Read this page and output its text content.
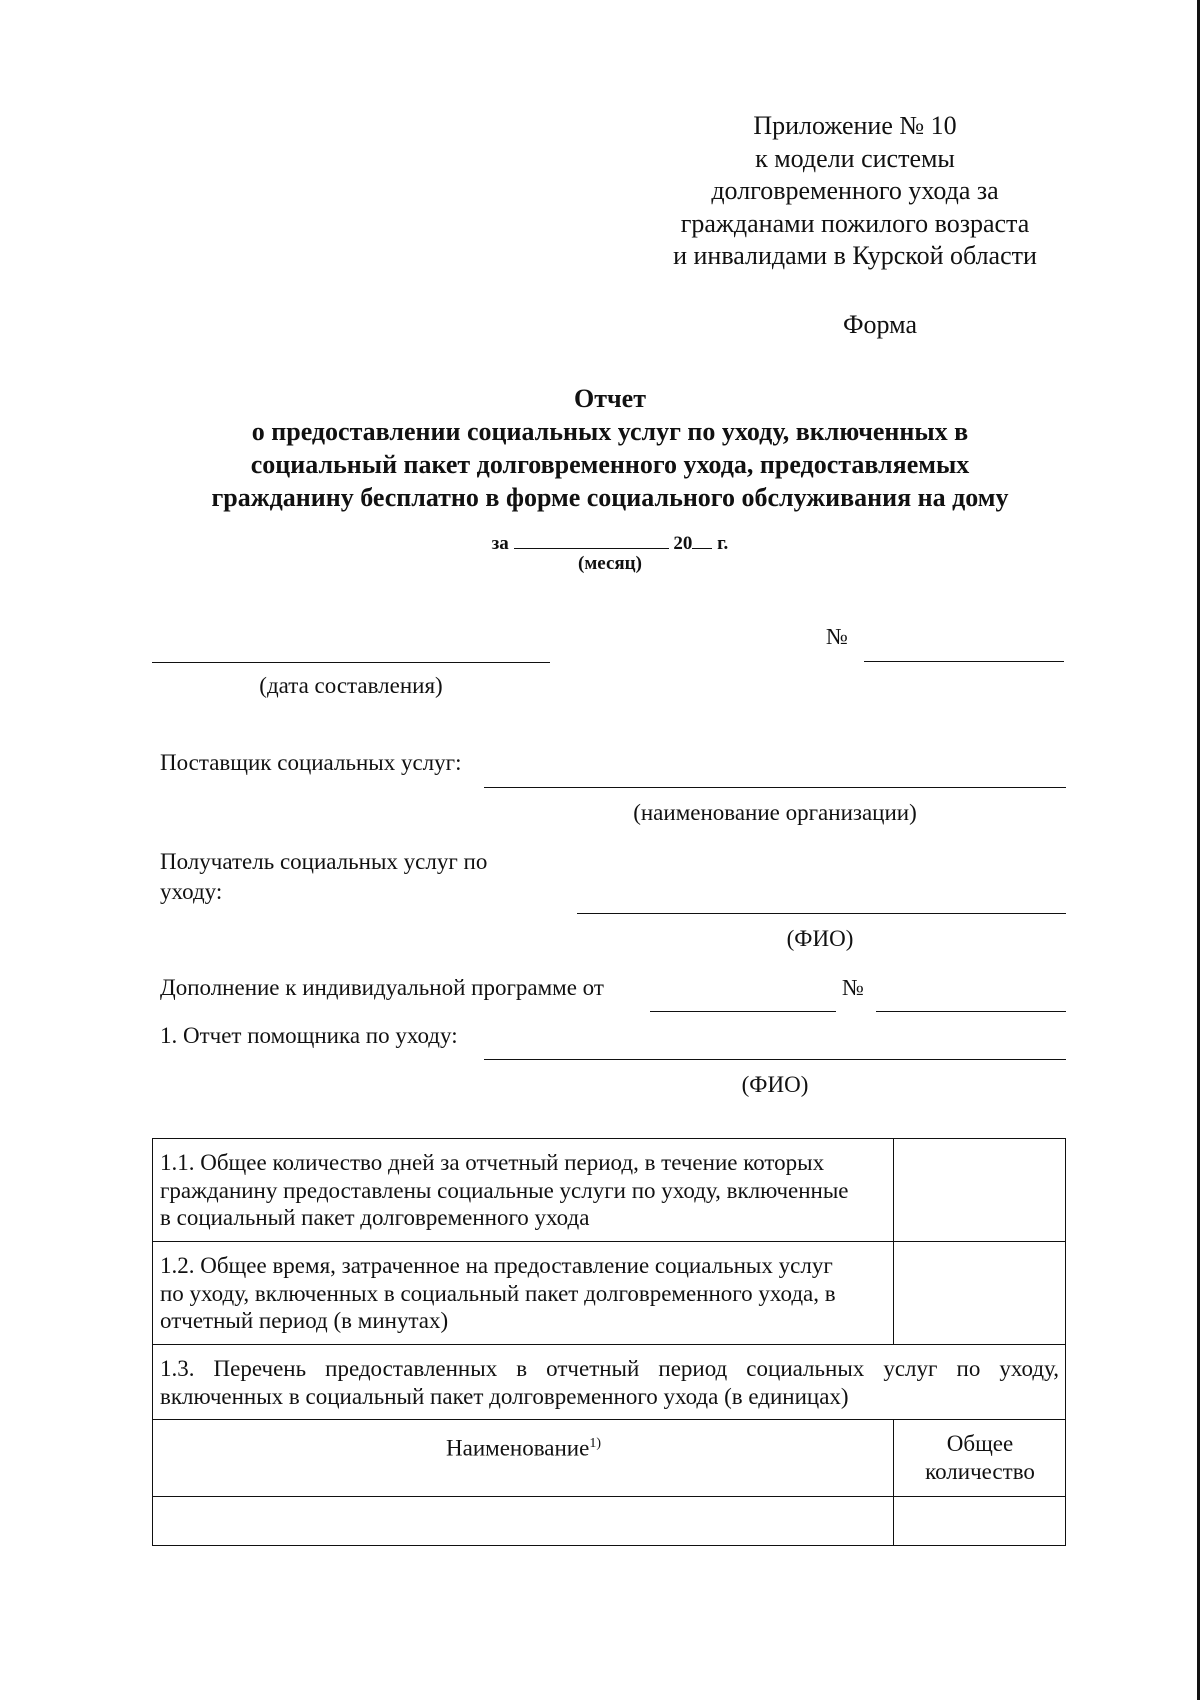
Приложение № 10
к модели системы
долговременного ухода за
гражданами пожилого возраста
и инвалидами в Курской области
Форма
Отчет
о предоставлении социальных услуг по уходу, включенных в
социальный пакет долговременного ухода, предоставляемых
гражданину бесплатно в форме социального обслуживания на дому
за	20 г.
(месяц)
(дата составления)
№
Поставщик социальных услуг:
(наименование организации)
Получатель социальных услуг по
уходу:
(ФИО)
Дополнение к индивидуальной программе от	№
1. Отчет помощника по уходу:
(ФИО)
1.1. Общее количество дней за отчетный период, в течение которых
гражданину предоставлены социальные услуги по уходу, включенные
в социальный пакет долговременного ухода	

1.2. Общее время, затраченное на предоставление социальных услуг
по уходу, включенных в социальный пакет долговременного ухода, в
отчетный период (в минутах)	

1.3. Перечень предоставленных в отчетный период социальных услуг по уходу,
включенных в социальный пакет долговременного ухода (в единицах)	

Наименование$^{1)}$	Общее
количество
